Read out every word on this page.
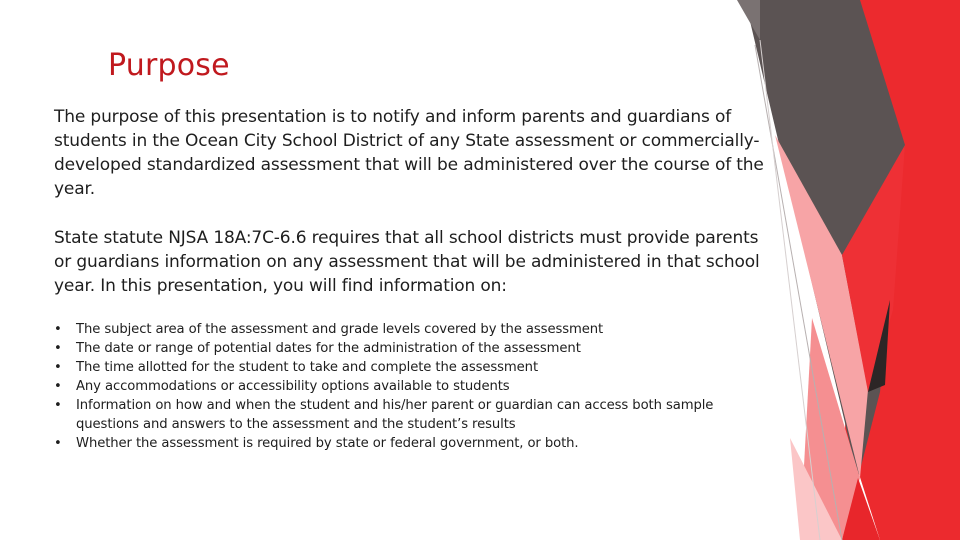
Purpose

The purpose of this presentation is to notify and inform parents and guardians of students in the Ocean City School District of any State assessment or commercially-developed standardized assessment that will be administered over the course of the year.

State statute NJSA 18A:7C-6.6 requires that all school districts must provide parents or guardians information on any assessment that will be administered in that school year. In this presentation, you will find information on:

•	The subject area of the assessment and grade levels covered by the assessment
•	The date or range of potential dates for the administration of the assessment
•	The time allotted for the student to take and complete the assessment
•	Any accommodations or accessibility options available to students
•	Information on how and when the student and his/her parent or guardian can access both sample questions and answers to the assessment and the student’s results
•	Whether the assessment is required by state or federal government, or both.
